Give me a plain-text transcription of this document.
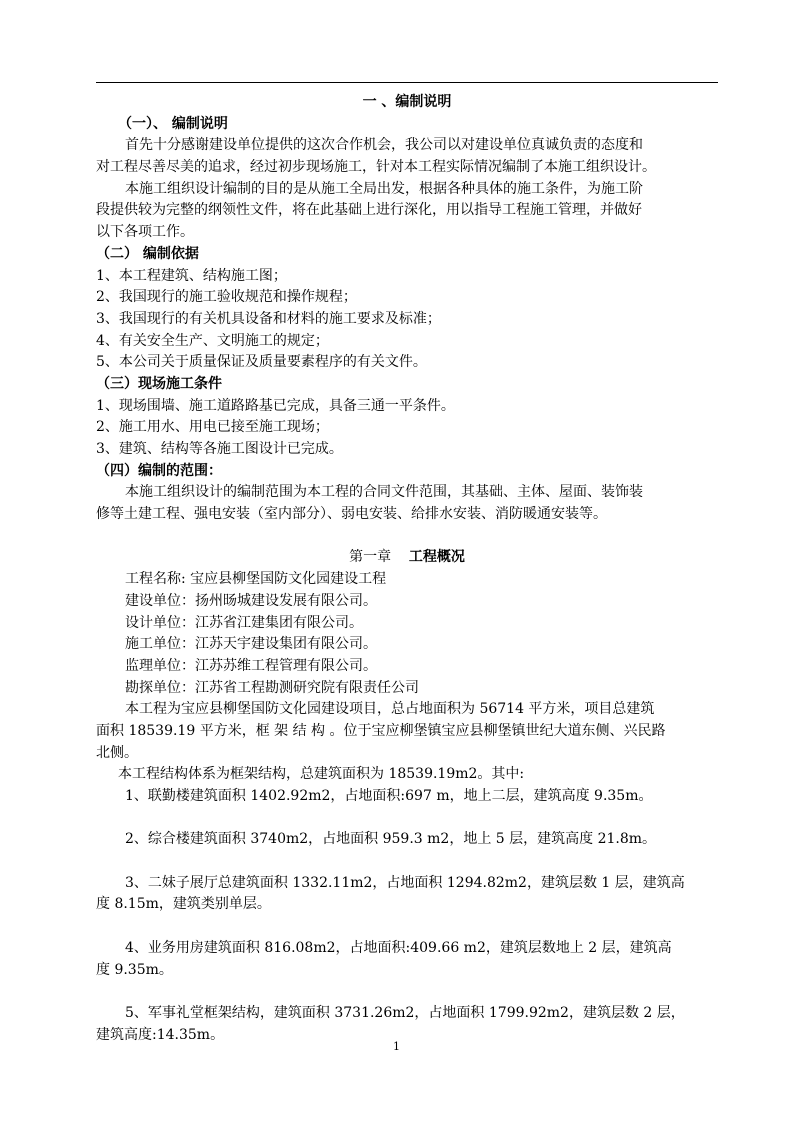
一 、编制说明
（一）、 编制说明
首先十分感谢建设单位提供的这次合作机会，我公司以对建设单位真诚负责的态度和
对工程尽善尽美的追求，经过初步现场施工，针对本工程实际情况编制了本施工组织设计。
本施工组织设计编制的目的是从施工全局出发，根据各种具体的施工条件，为施工阶
段提供较为完整的纲领性文件，将在此基础上进行深化，用以指导工程施工管理，并做好
以下各项工作。
（二） 编制依据
1、本工程建筑、结构施工图；
2、我国现行的施工验收规范和操作规程；
3、我国现行的有关机具设备和材料的施工要求及标准；
4、有关安全生产、文明施工的规定；
5、本公司关于质量保证及质量要素程序的有关文件。
（三）现场施工条件
1、现场围墙、施工道路路基已完成，具备三通一平条件。
2、施工用水、用电已接至施工现场；
3、建筑、结构等各施工图设计已完成。
（四）编制的范围：
本施工组织设计的编制范围为本工程的合同文件范围，其基础、主体、屋面、装饰装
修等土建工程、强电安装（室内部分）、弱电安装、给排水安装、消防暖通安装等。
第一章 工程概况
工程名称: 宝应县柳堡国防文化园建设工程
建设单位：扬州旸城建设发展有限公司。
设计单位：江苏省江建集团有限公司。
施工单位：江苏天宇建设集团有限公司。
监理单位：江苏苏维工程管理有限公司。
勘探单位：江苏省工程勘测研究院有限责任公司
本工程为宝应县柳堡国防文化园建设项目，总占地面积为 56714 平方米，项目总建筑
面积 18539.19 平方米，框 架 结 构 。位于宝应柳堡镇宝应县柳堡镇世纪大道东侧、兴民路
北侧。
本工程结构体系为框架结构，总建筑面积为 18539.19m2。其中:
1、联勤楼建筑面积 1402.92m2，占地面积:697 m，地上二层，建筑高度 9.35m。
2、综合楼建筑面积 3740m2，占地面积 959.3 m2，地上 5 层，建筑高度 21.8m。
3、二妹子展厅总建筑面积 1332.11m2，占地面积 1294.82m2，建筑层数 1 层，建筑高
度 8.15m，建筑类别单层。
4、业务用房建筑面积 816.08m2，占地面积:409.66 m2，建筑层数地上 2 层，建筑高
度 9.35m。
5、军事礼堂框架结构，建筑面积 3731.26m2，占地面积 1799.92m2，建筑层数 2 层，
建筑高度:14.35m。
1
